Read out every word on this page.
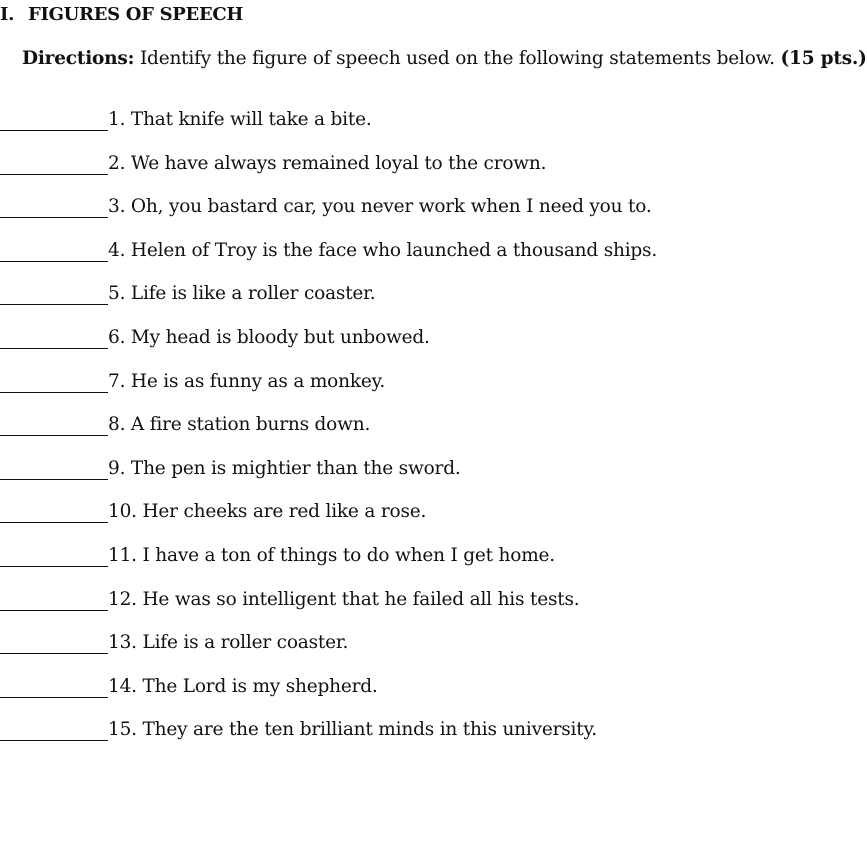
I. FIGURES OF SPEECH
Directions: Identify the figure of speech used on the following statements below. (15 pts.)
1. That knife will take a bite.
2. We have always remained loyal to the crown.
3. Oh, you bastard car, you never work when I need you to.
4. Helen of Troy is the face who launched a thousand ships.
5. Life is like a roller coaster.
6. My head is bloody but unbowed.
7. He is as funny as a monkey.
8. A fire station burns down.
9. The pen is mightier than the sword.
10. Her cheeks are red like a rose.
11. I have a ton of things to do when I get home.
12. He was so intelligent that he failed all his tests.
13. Life is a roller coaster.
14. The Lord is my shepherd.
15. They are the ten brilliant minds in this university.
